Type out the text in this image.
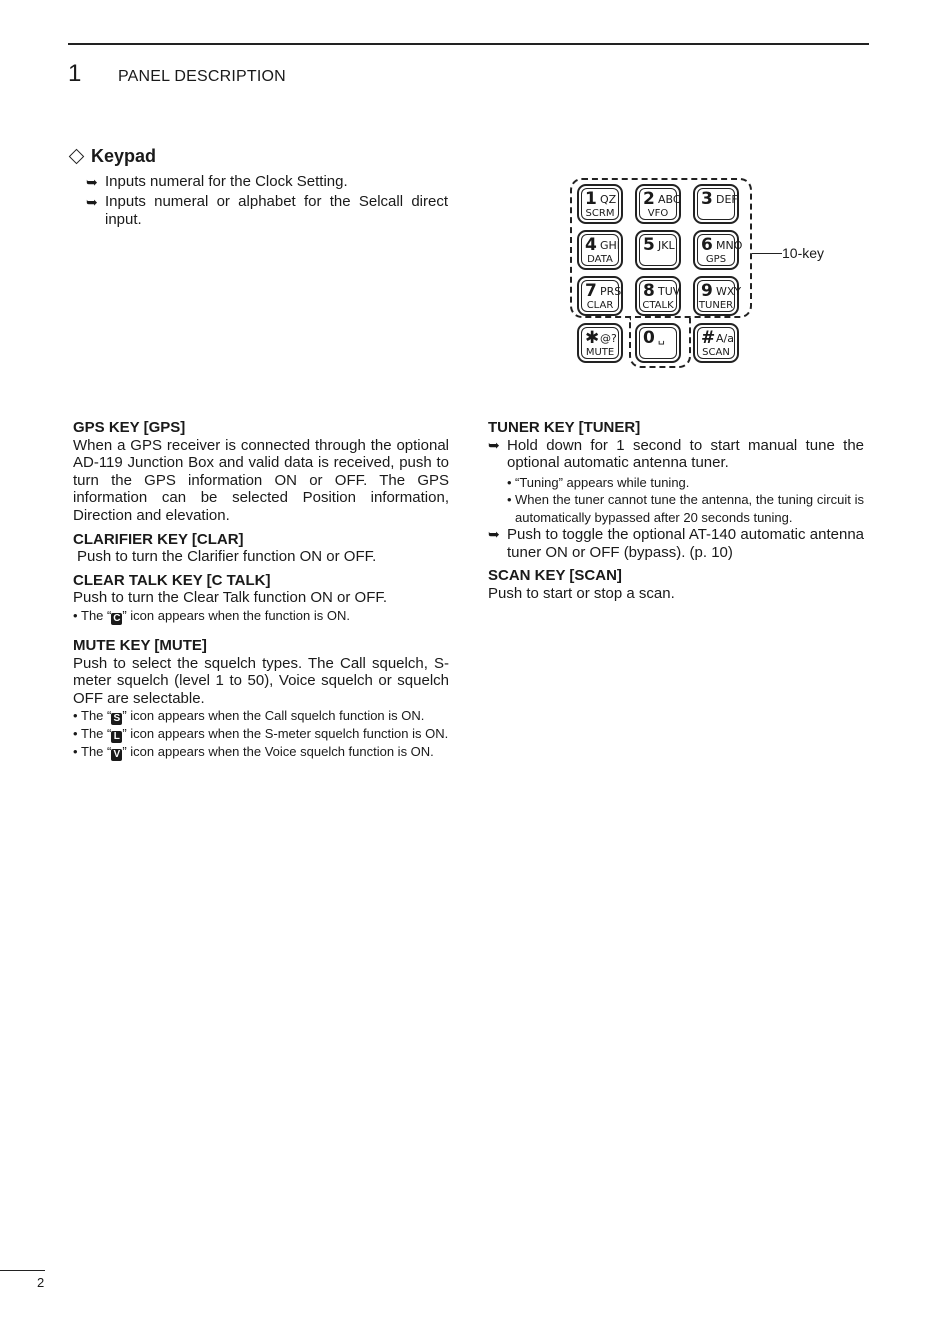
1 PANEL DESCRIPTION
Keypad
➥ Inputs numeral for the Clock Setting.
➥ Inputs numeral or alphabet for the Selcall direct input.
1 QZ
SCRM
2 ABC
VFO
3 DEF
4 GHI
DATA
5 JKL 6 MNO
GPS
7 PRS
CLAR
8 TUV
CTALK
9 WXY
TUNER
✱ @?
MUTE
0 ␣ # A/a
SCAN
10-key
GPS KEY [GPS]
When a GPS receiver is connected through the optional AD-119 Junction Box and valid data is received, push to turn the GPS information ON or OFF. The GPS information can be selected Position information, Direction and elevation.
CLARIFIER KEY [CLAR]
Push to turn the Clarifier function ON or OFF.
CLEAR TALK KEY [C TALK]
Push to turn the Clear Talk function ON or OFF.
• The “ C ” icon appears when the function is ON.
MUTE KEY [MUTE]
Push to select the squelch types. The Call squelch, S-meter squelch (level 1 to 50), Voice squelch or squelch OFF are selectable.
• The “ S ” icon appears when the Call squelch function is ON.
• The “ L ” icon appears when the S-meter squelch function is ON.
• The “ V ” icon appears when the Voice squelch function is ON.
TUNER KEY [TUNER]
➥ Hold down for 1 second to start manual tune the optional automatic antenna tuner.
• “Tuning” appears while tuning.
• When the tuner cannot tune the antenna, the tuning circuit is automatically bypassed after 20 seconds tuning.
➥ Push to toggle the optional AT-140 automatic antenna tuner ON or OFF (bypass). (p. 10)
SCAN KEY [SCAN]
Push to start or stop a scan.
2
